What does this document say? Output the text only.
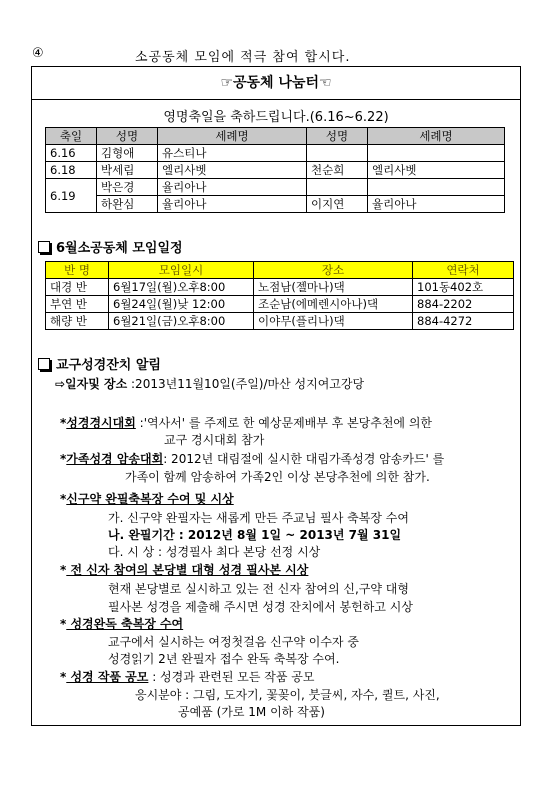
④	소공동체 모임에 적극 참여 합시다.
☞공동체 나눔터☜
영명축일을 축하드립니다.(6.16~6.22)
축일	성명	세례명	성명	세례명
6.16	김형애	유스티나		
6.18	박세림	엘리사벳	천순희	엘리사벳
6.19	박은경	율리아나		
	하완심	율리아나	이지연	율리아나
6월소공동체 모임일정
반 명	모임일시	장소	연락처
대경 반	6월17일(월)오후8:00	노점남(젤마나)댁	101동402호
부연 반	6월24일(월)낮 12:00	조순남(에메렌시아나)댁	884-2202
해량 반	6월21일(금)오후8:00	이야무(플리나)댁	884-4272
교구성경잔치 알림
⇨일자및 장소 :2013년11월10일(주일)/마산 성지여고강당
*성경경시대회 :'역사서' 를 주제로 한 예상문제배부 후 본당추천에 의한
교구 경시대회 참가
*가족성경 암송대회: 2012년 대림절에 실시한 대림가족성경 암송카드' 를
가족이 함께 암송하여 가족2인 이상 본당추천에 의한 참가.
*신구약 완필축복장 수여 및 시상
가. 신구약 완필자는 새롭게 만든 주교님 필사 축복장 수여
나. 완필기간 : 2012년 8월 1일 ~ 2013년 7월 31일
다. 시 상 : 성경필사 최다 본당 선정 시상
* 전 신자 참여의 본당별 대형 성경 필사본 시상
현재 본당별로 실시하고 있는 전 신자 참여의 신,구약 대형
필사본 성경을 제출해 주시면 성경 잔치에서 봉헌하고 시상
* 성경완독 축복장 수여
교구에서 실시하는 여정첫걸음 신구약 이수자 중
성경읽기 2년 완필자 접수 완독 축복장 수여.
* 성경 작품 공모 : 성경과 관련된 모든 작품 공모
응시분야 : 그림, 도자기, 꽃꽂이, 붓글씨, 자수, 퀼트, 사진,
공예품 (가로 1M 이하 작품)
